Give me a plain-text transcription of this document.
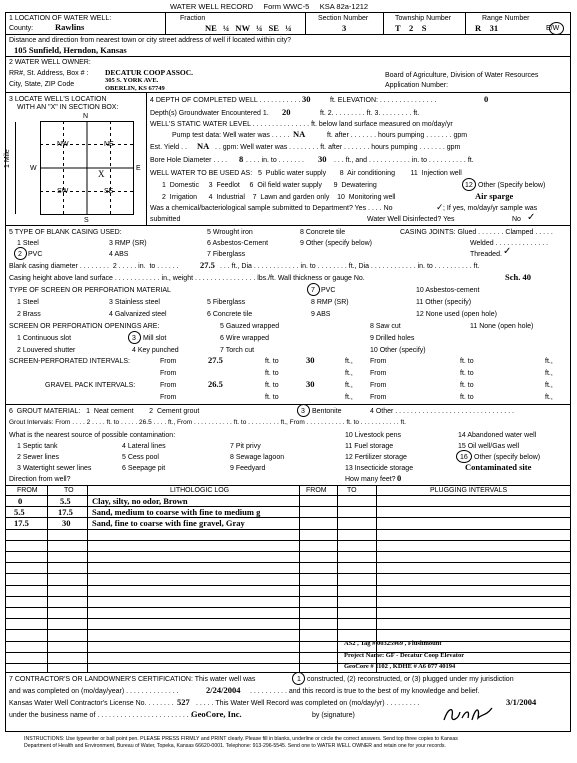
WATER WELL RECORD Form WWC-5 KSA 82a-1212
1 LOCATION OF WATER WELL:
County:	Rawlins
Fraction
NE ¼ NW ¼ SE ¼
Section Number
3
Township Number
T    2    S
Range Number
R    31	E/W
Distance and direction from nearest town or city street address of well if located within city?
105 Sunfield, Herndon, Kansas
2 WATER WELL OWNER:
RR#, St. Address, Box # :
City, State, ZIP Code
DECATUR COOP ASSOC.
305 S. YORK AVE.
OBERLIN, KS 67749
Board of Agriculture, Division of Water Resources
Application Number:
3 LOCATE WELL'S LOCATION
WITH AN "X" IN SECTION BOX:
N
S
W	E
1 Mile
NW	NE
SW	SE
X
4 DEPTH OF COMPLETED WELL . . . . . . . . . . . .
30	ft. ELEVATION: . . . . . . . . . . . . . . .	0
Depth(s) Groundwater Encountered 1. 20	ft. 2. . . . . . . . . ft. 3. . . . . . . . . ft.
WELL'S STATIC WATER LEVEL . . . . . . . . . . . . . . . ft. below land surface measured on mo/day/yr
Pump test data: Well water was . . . . . NA	ft. after . . . . . . . hours pumping . . . . . . . gpm
Est. Yield . . NA . . gpm: Well water was . . . . . . . . ft. after . . . . . . . hours pumping . . . . . . . gpm
Bore Hole Diameter . . . . 8 . . . . in. to . . . . . . . 30 . . . ft., and . . . . . . . . . . . in. to . . . . . . . . . . ft.
WELL WATER TO BE USED AS:   5  Public water supply       8  Air conditioning        11  Injection well
1  Domestic     3  Feedlot     6  Oil field water supply      9  Dewatering	12 Other (Specify below)
2  Irrigation      4  Industrial    7  Lawn and garden only    10  Monitoring well	Air sparge
Was a chemical/bacteriological sample submitted to Department? Yes . . . . No	✓ ; If yes, mo/day/yr sample was
submitted	Water Well Disinfected? Yes	No ✓
5 TYPE OF BLANK CASING USED:	5 Wrought iron	8 Concrete tile	CASING JOINTS: Glued . . . . . . . Clamped . . . . .
1 Steel	3 RMP (SR)	6 Asbestos-Cement	9 Other (specify below)	Welded . . . . . . . . . . . . . .
2 PVC	4 ABS	7 Fiberglass	Threaded. ✓
Blank casing diameter . . . . . . . .  2 . . . . . in.  to . . . . . .	27.5 . . . ft., Dia . . . . . . . . . . . . in. to . . . . . . . . ft., Dia . . . . . . . . . . . . in. to . . . . . . . . . . ft.
Casing height above land surface . . . . . . . . . . . . in., weight . . . . . . . . . . . . . . . . lbs./ft. Wall thickness or gauge No.	Sch. 40
TYPE OF SCREEN OR PERFORATION MATERIAL	7 PVC	10 Asbestos-cement
1 Steel	3 Stainless steel	5 Fiberglass	8 RMP (SR)	11 Other (specify)
2 Brass	4 Galvanized steel	6 Concrete tile	9 ABS	12 None used (open hole)
SCREEN OR PERFORATION OPENINGS ARE:	5 Gauzed wrapped	8 Saw cut	11 None (open hole)
1 Continuous slot	3 Mill slot	6 Wire wrapped	9 Drilled holes
2 Louvered shutter	4 Key punched	7 Torch cut	10 Other (specify)
SCREEN-PERFORATED INTERVALS:	From	27.5	ft. to	30	ft., From	ft. to	ft.,
From	ft. to	ft., From	ft. to	ft.,
GRAVEL PACK INTERVALS:	From	26.5	ft. to	30	ft., From	ft. to	ft.,
From	ft. to	ft., From	ft. to	ft.,
6  GROUT MATERIAL:   1  Neat cement        2  Cement grout	3 Bentonite	4 Other . . . . . . . . . . . . . . . . . . . . . . . . . . . . . . .
Grout Intervals: From . . . . 2 . . . . ft. to . . . . . 26.5 . . . . ft., From . . . . . . . . . . . ft. to . . . . . . . . . ft., From . . . . . . . . . . . ft. to . . . . . . . . . . . ft.
What is the nearest source of possible contamination:	10 Livestock pens	14 Abandoned water well
1 Septic tank	4 Lateral lines	7 Pit privy	11 Fuel storage	15 Oil well/Gas well
2 Sewer lines	5 Cess pool	8 Sewage lagoon	12 Fertilizer storage	16 Other (specify below)
3 Watertight sewer lines	6 Seepage pit	9 Feedyard	13 Insecticide storage	Contaminated site
Direction from well?	How many feet? 0
FROM	TO	LITHOLOGIC LOG	FROM	TO	PLUGGING INTERVALS
0	5.5	Clay, silty, no odor, Brown
5.5	17.5 Sand, medium to coarse with fine to medium g
17.5	30	Sand, fine to coarse with fine gravel, Gray
AS2 , Tag # 00325969 , Flushmount
Project Name: GF - Decatur Coop Elevator
GeoCore # 1102 , KDHE # A6 077 40194
7 CONTRACTOR'S OR LANDOWNER'S CERTIFICATION: This water well was	1 constructed, (2) reconstructed, or (3) plugged under my jurisdiction
and was completed on (mo/day/year) . . . . . . . . . . . . . .	2/24/2004 . . . . . . . . . . and this record is true to the best of my knowledge and belief.
Kansas Water Well Contractor's License No. . . . . . . . 527 . . . . . This Water Well Record was completed on (mo/day/yr) . . . . . . . . .	3/1/2004
under the business name of . . . . . . . . . . . . . . . . . . . . . . . . .
GeoCore, Inc.	by (signature)
INSTRUCTIONS: Use typewriter or ball point pen. PLEASE PRESS FIRMLY and PRINT clearly. Please fill in blanks, underline or circle the correct answers. Send top three copies to Kansas
Department of Health and Environment, Bureau of Water, Topeka, Kansas 66620-0001. Telephone: 913-296-5545. Send one to WATER WELL OWNER and retain one for your records.
